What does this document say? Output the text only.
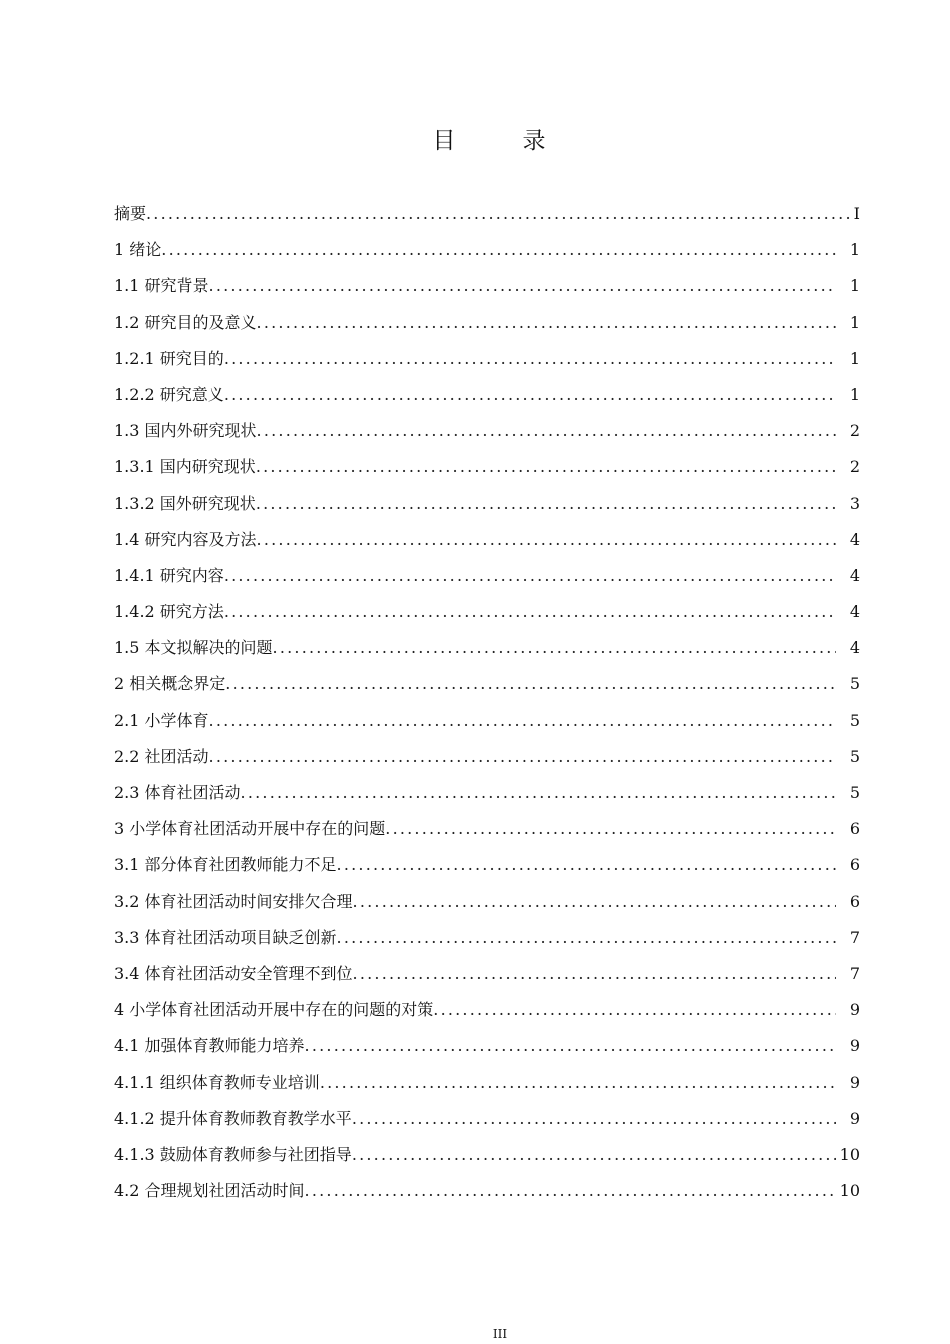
目　录
摘要 .....	I
1 绪论 .....	1
1.1 研究背景 .....	1
1.2 研究目的及意义 .....	1
1.2.1 研究目的 .....	1
1.2.2 研究意义 .....	1
1.3 国内外研究现状 .....	2
1.3.1 国内研究现状 .....	2
1.3.2 国外研究现状 .....	3
1.4 研究内容及方法 .....	4
1.4.1 研究内容 .....	4
1.4.2 研究方法 .....	4
1.5 本文拟解决的问题 .....	4
2 相关概念界定 .....	5
2.1 小学体育 .....	5
2.2 社团活动 .....	5
2.3 体育社团活动 .....	5
3 小学体育社团活动开展中存在的问题 .....	6
3.1 部分体育社团教师能力不足 .....	6
3.2 体育社团活动时间安排欠合理 .....	6
3.3 体育社团活动项目缺乏创新 .....	7
3.4 体育社团活动安全管理不到位 .....	7
4 小学体育社团活动开展中存在的问题的对策 .....	9
4.1 加强体育教师能力培养 .....	9
4.1.1 组织体育教师专业培训 .....	9
4.1.2 提升体育教师教育教学水平 .....	9
4.1.3 鼓励体育教师参与社团指导 .....	10
4.2 合理规划社团活动时间 .....	10
III
